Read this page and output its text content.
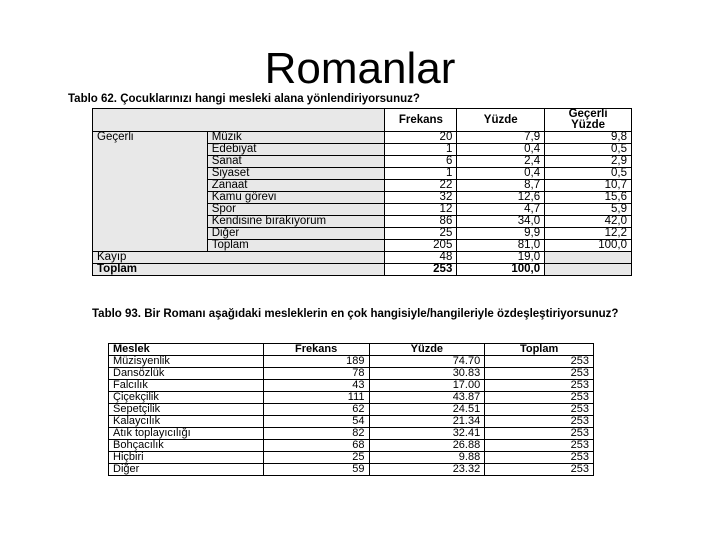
Romanlar
Tablo 62. Çocuklarınızı hangi mesleki alana yönlendiriyorsunuz?
		Frekans	Yüzde	Geçerli
Yüzde
Geçerli	Müzik	20	7,9	9,8
	Edebiyat	1	0,4	0,5
	Sanat	6	2,4	2,9
	Siyaset	1	0,4	0,5
	Zanaat	22	8,7	10,7
	Kamu görevi	32	12,6	15,6
	Spor	12	4,7	5,9
	Kendisine bırakıyorum	86	34,0	42,0
	Diğer	25	9,9	12,2
	Toplam	205	81,0	100,0
Kayıp		48	19,0	
Toplam		253	100,0	
Tablo 93. Bir Romanı aşağıdaki mesleklerin en çok hangisiyle/hangileriyle özdeşleştiriyorsunuz?
Meslek	Frekans	Yüzde	Toplam
Müzisyenlik	189	74.70	253
Dansözlük	78	30.83	253
Falcılık	43	17.00	253
Çiçekçilik	111	43.87	253
Sepetçilik	62	24.51	253
Kalaycılık	54	21.34	253
Atık toplayıcılığı	82	32.41	253
Bohçacılık	68	26.88	253
Hiçbiri	25	9.88	253
Diğer	59	23.32	253
